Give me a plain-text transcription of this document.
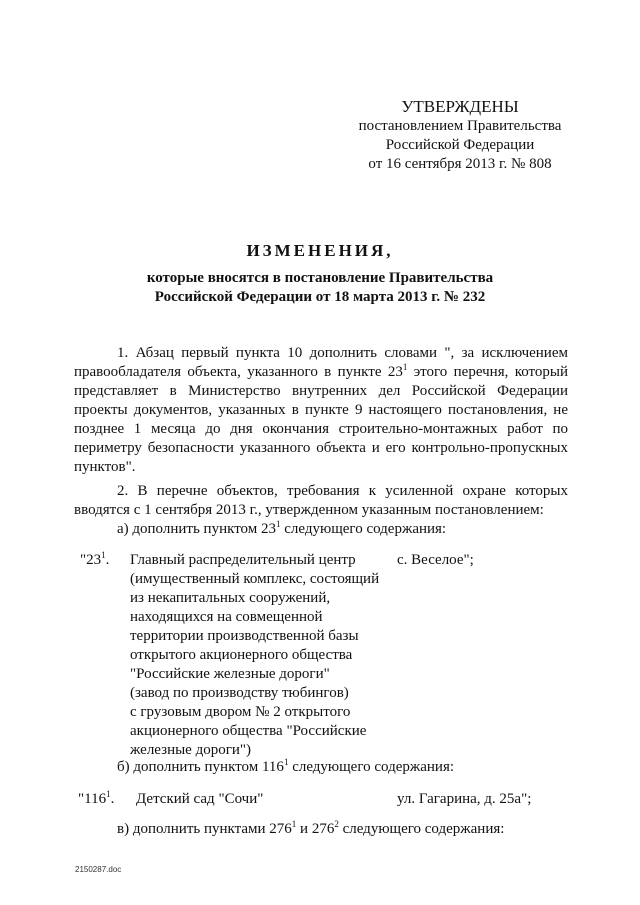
УТВЕРЖДЕНЫ
постановлением Правительства
Российской Федерации
от 16 сентября 2013 г. № 808
ИЗМЕНЕНИЯ,
которые вносятся в постановление Правительства
Российской Федерации от 18 марта 2013 г. № 232
1. Абзац первый пункта 10 дополнить словами ", за исключением
правообладателя объекта, указанного в пункте $23^1$ этого перечня, который
представляет в Министерство внутренних дел Российской Федерации
проекты документов, указанных в пункте 9 настоящего постановления, не
позднее 1 месяца до дня окончания строительно-монтажных работ по
периметру безопасности указанного объекта и его контрольно-пропускных
пунктов".
2. В перечне объектов, требования к усиленной охране которых
вводятся с 1 сентября 2013 г., утвержденном указанным постановлением:
а) дополнить пунктом $23^1$ следующего содержания:
"$23^1$. Главный распределительный центр
(имущественный комплекс, состоящий
из некапитальных сооружений,
находящихся на совмещенной
территории производственной базы
открытого акционерного общества
"Российские железные дороги"
(завод по производству тюбингов)
с грузовым двором № 2 открытого
акционерного общества "Российские
железные дороги")
с. Веселое";
б) дополнить пунктом $116^1$ следующего содержания:
"$116^1$. Детский сад "Сочи"	ул. Гагарина, д. 25а";
в) дополнить пунктами $276^1$ и $276^2$ следующего содержания:
2150287.doc
